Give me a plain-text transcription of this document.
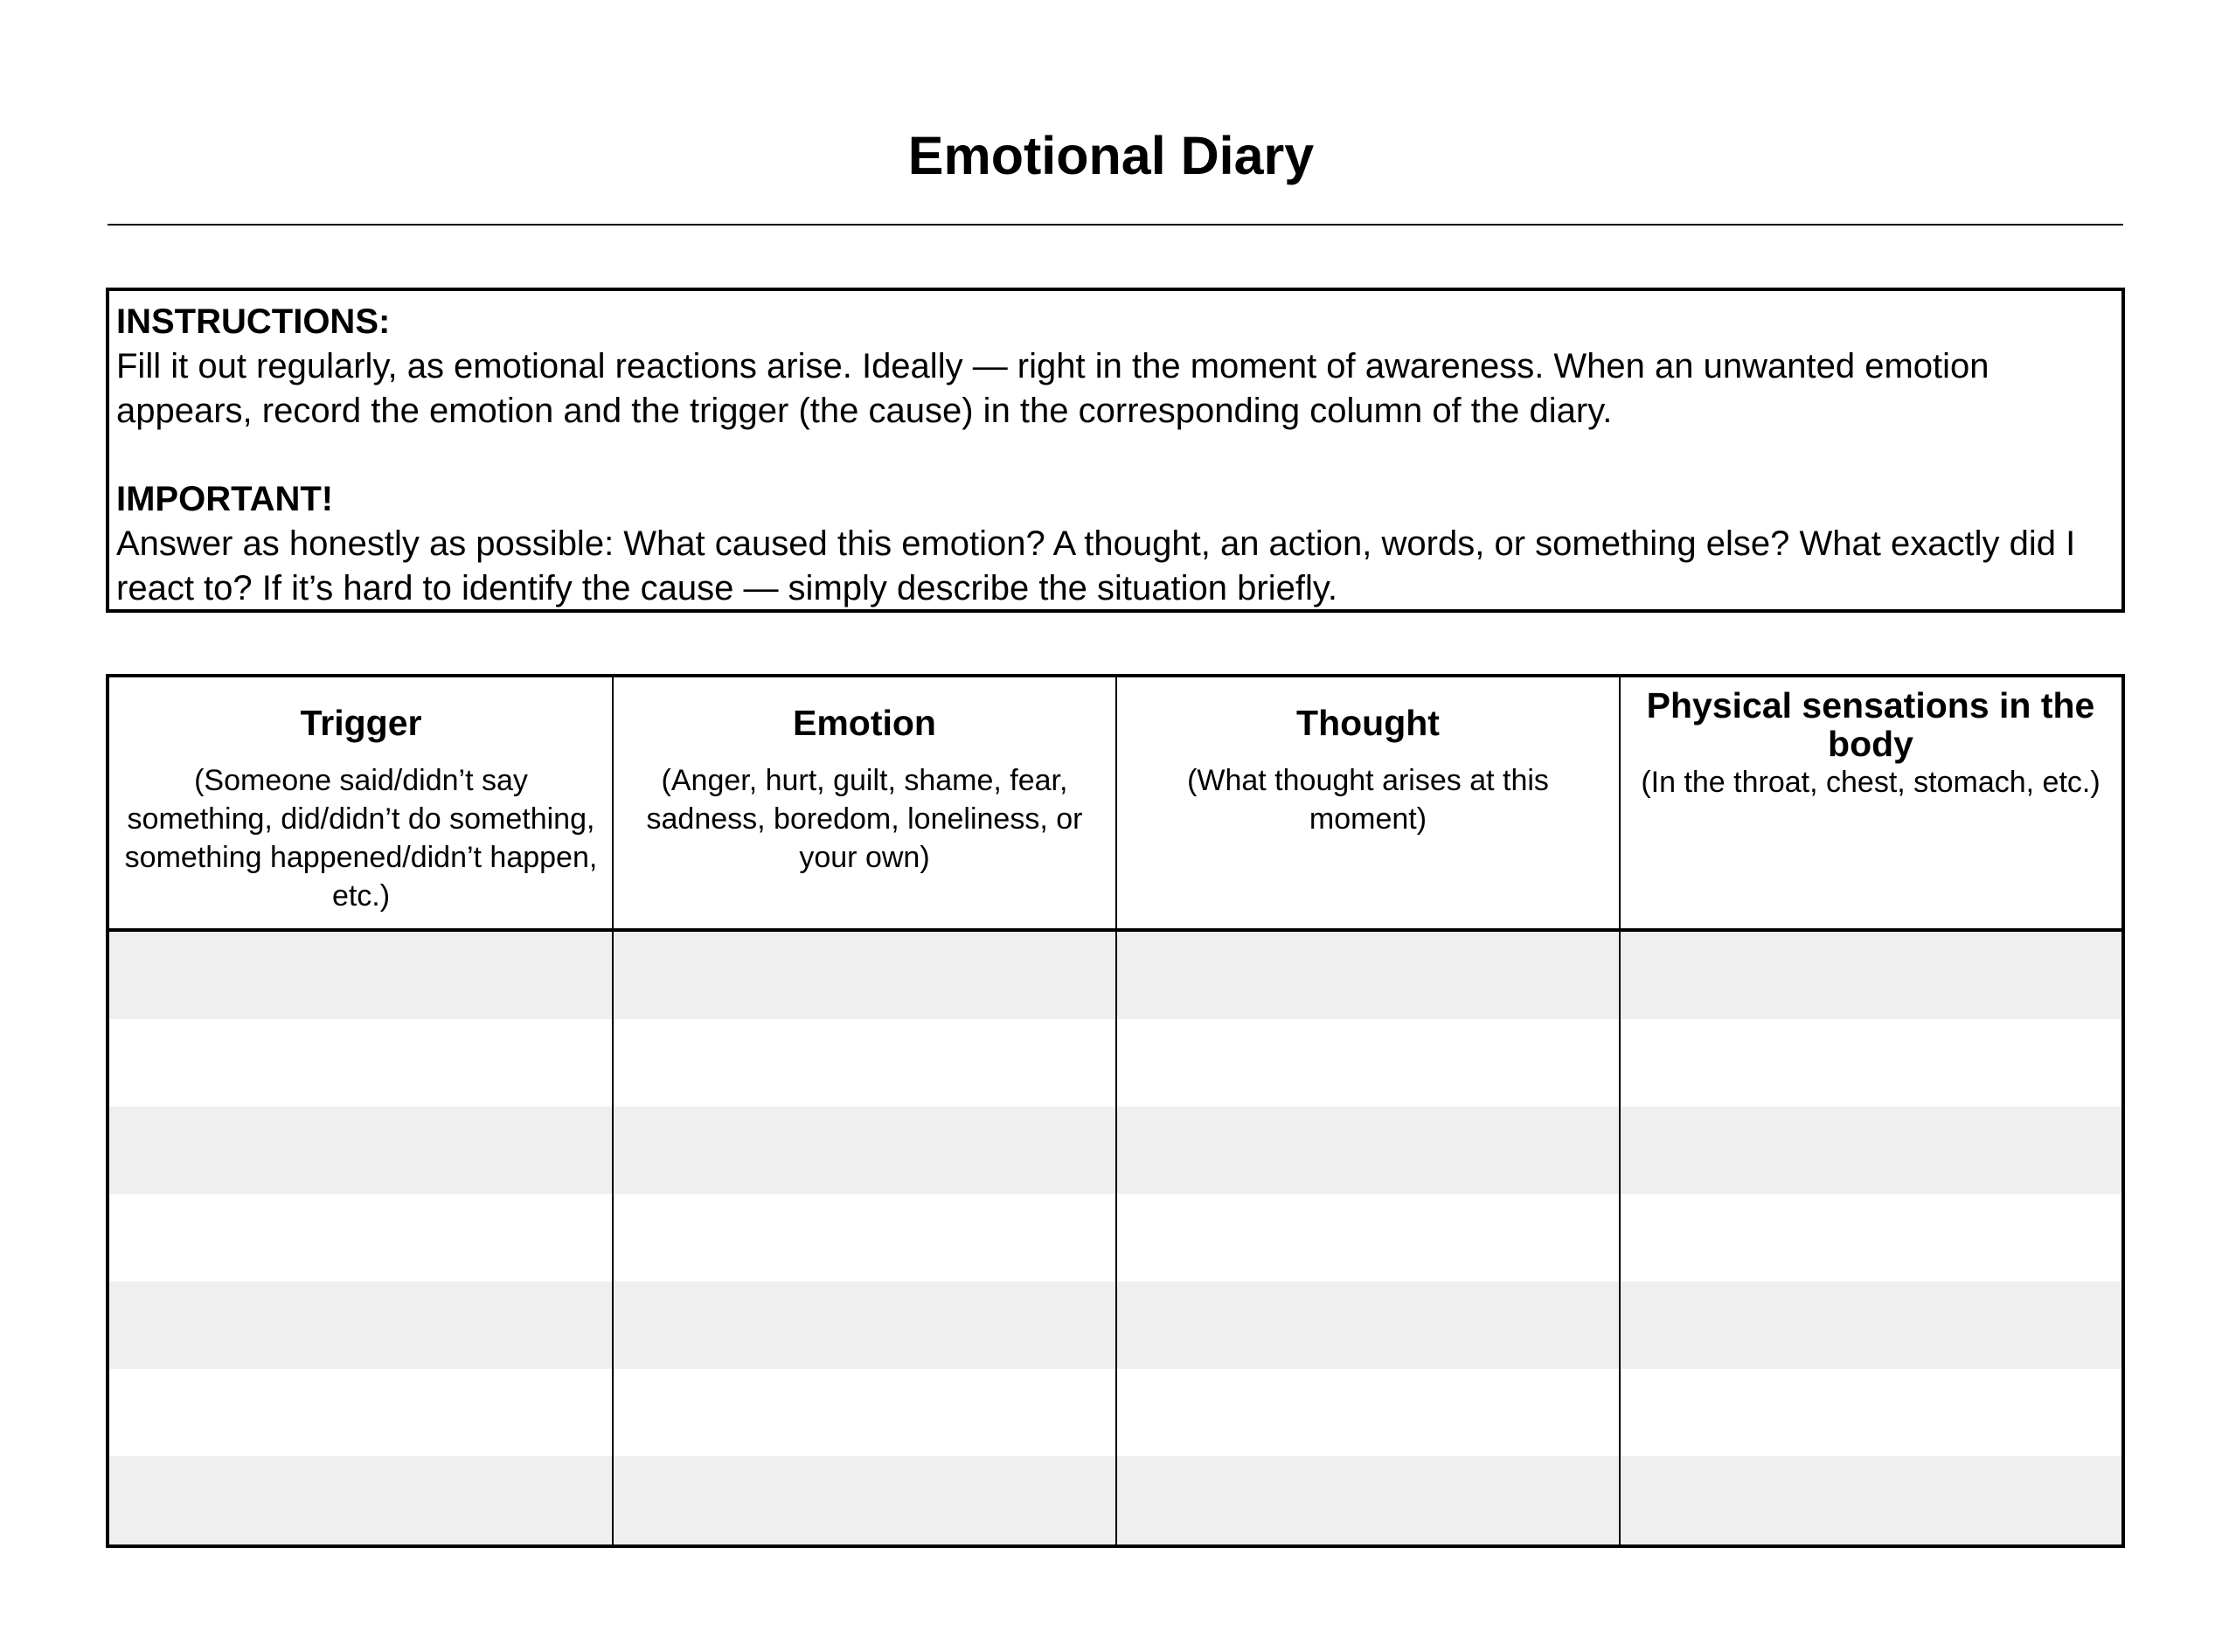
Emotional Diary
INSTRUCTIONS:
Fill it out regularly, as emotional reactions arise. Ideally — right in the moment of awareness. When an unwanted emotion appears, record the emotion and the trigger (the cause) in the corresponding column of the diary.
IMPORTANT!
Answer as honestly as possible: What caused this emotion? A thought, an action, words, or something else? What exactly did I react to? If it’s hard to identify the cause — simply describe the situation briefly.
Trigger
(Someone said/didn’t say something, did/didn’t do something, something happened/didn’t happen, etc.)
Emotion
(Anger, hurt, guilt, shame, fear, sadness, boredom, loneliness, or your own)
Thought
(What thought arises at this moment)
Physical sensations in the body
(In the throat, chest, stomach, etc.)
